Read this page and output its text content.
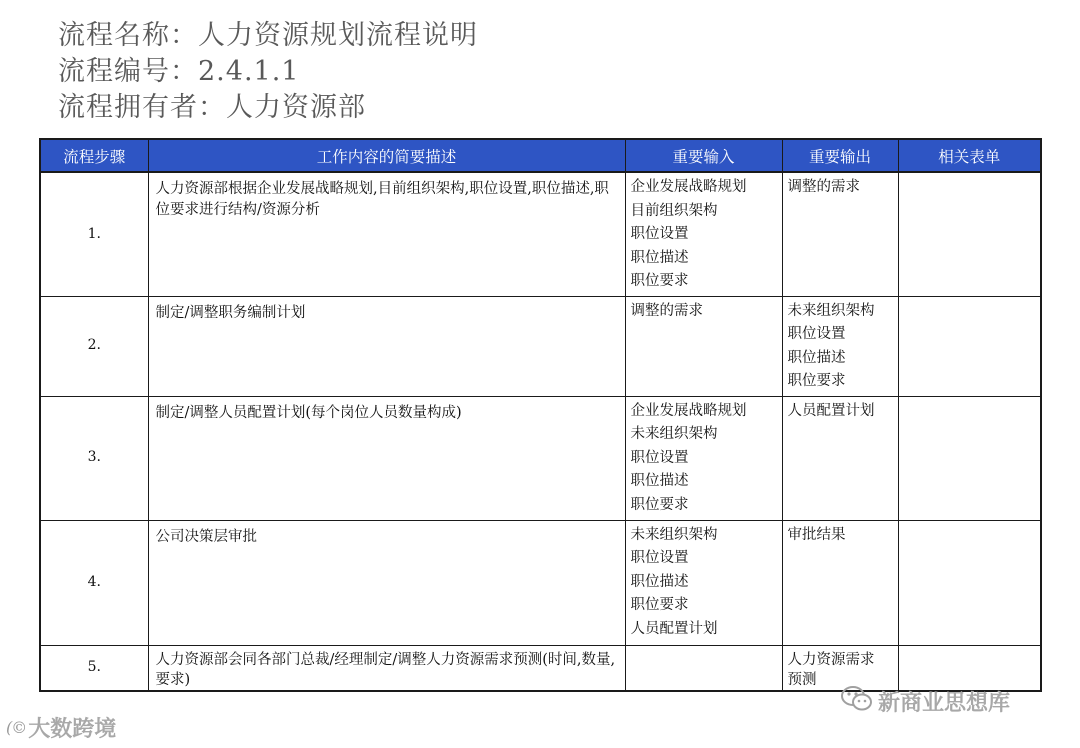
流程名称：人力资源规划流程说明
流程编号：2.4.1.1
流程拥有者：人力资源部
流程步骤	工作内容的简要描述	重要输入	重要输出	相关表单
1.	人力资源部根据企业发展战略规划,目前组织架构,职位设置,职位描述,职位要求进行结构/资源分析	企业发展战略规划
目前组织架构
职位设置
职位描述
职位要求	调整的需求	

2.	制定/调整职务编制计划	调整的需求	未来组织架构
职位设置
职位描述
职位要求	

3.	制定/调整人员配置计划(每个岗位人员数量构成)	企业发展战略规划
未来组织架构
职位设置
职位描述
职位要求	人员配置计划	

4.	公司决策层审批	未来组织架构
职位设置
职位描述
职位要求
人员配置计划	审批结果	

5.	人力资源部会同各部门总裁/经理制定/调整人力资源需求预测(时间,数量,要求)		人力资源需求
预测	

(© 大数跨境
新商业思想库
